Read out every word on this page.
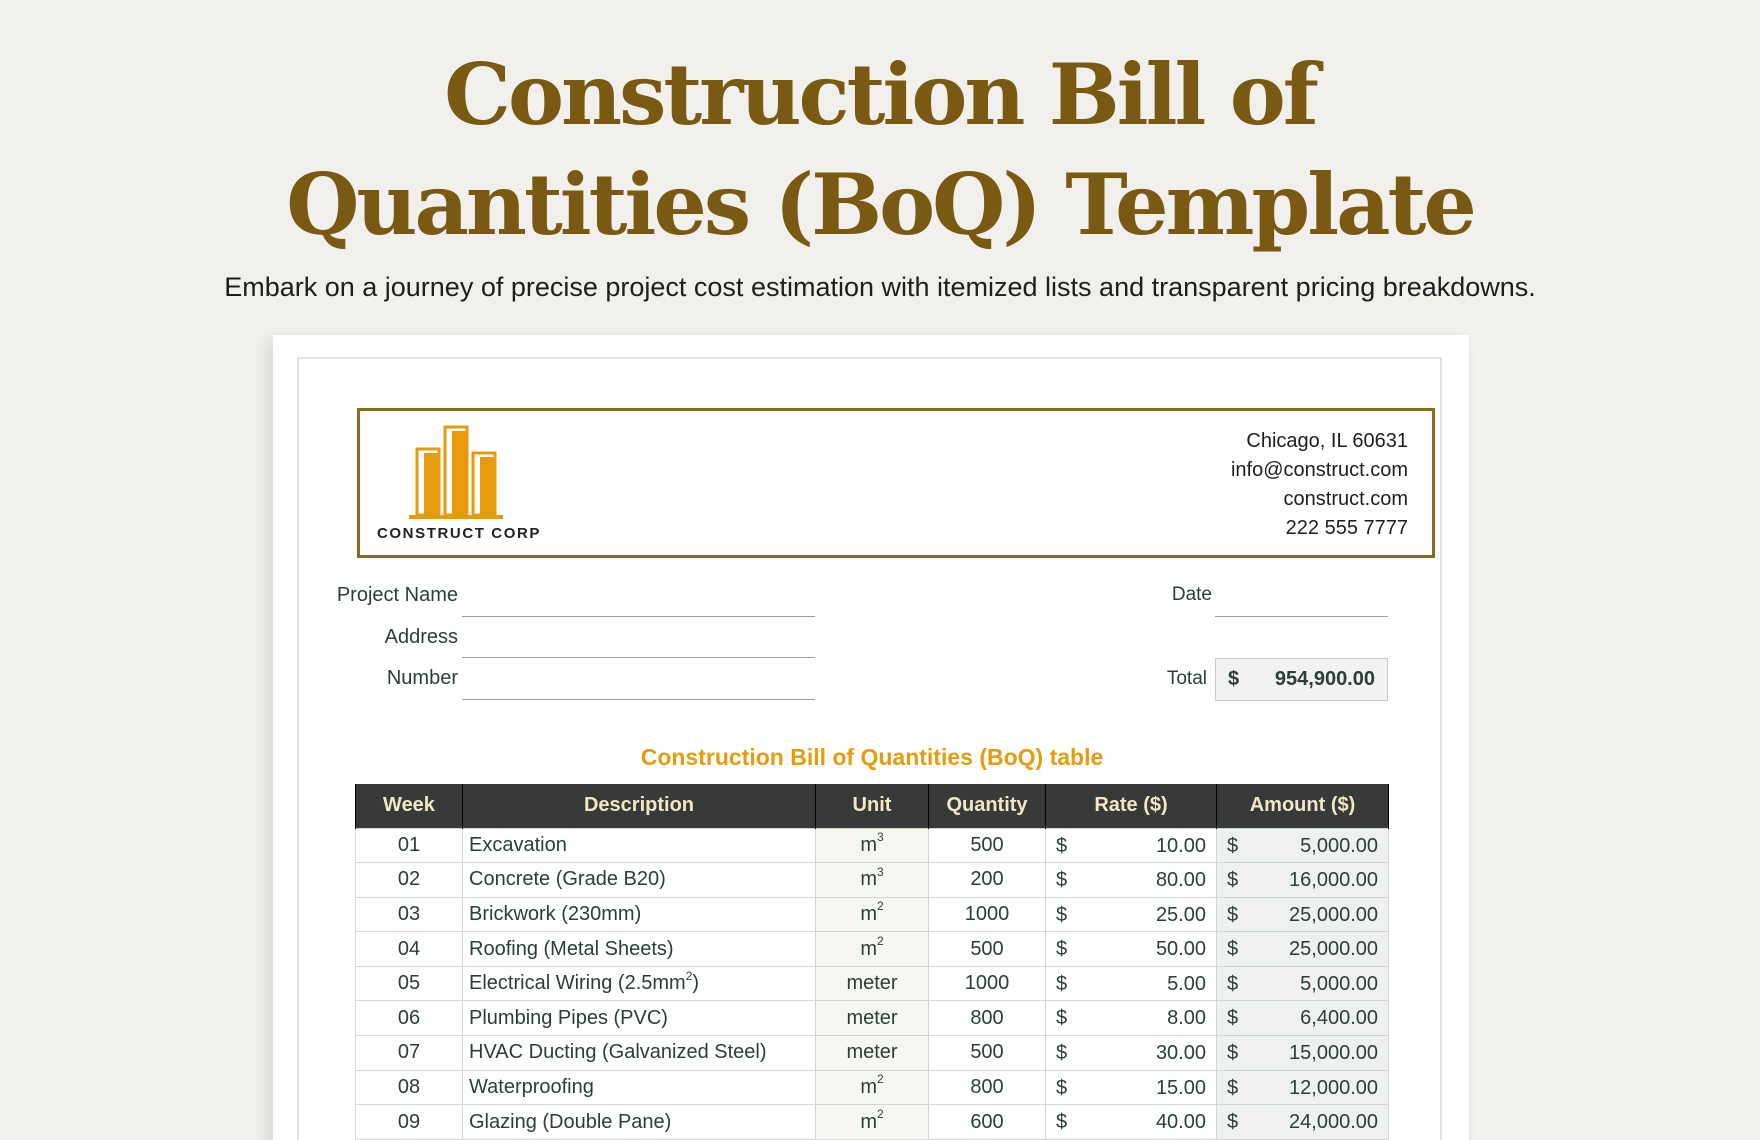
Construction Bill of
Quantities (BoQ) Template
Embark on a journey of precise project cost estimation with itemized lists and transparent pricing breakdowns.
CONSTRUCT CORP
Chicago, IL 60631
info@construct.com
construct.com
222 555 7777
Project Name
Address
Number
Date
Total $ 954,900.00
Construction Bill of Quantities (BoQ) table
Week	Description	Unit	Quantity	Rate ($)	Amount ($)
01	Excavation	$m^3$	500	$ 10.00	$ 5,000.00

02	Concrete (Grade B20)	$m^3$	200	$ 80.00	$ 16,000.00

03	Brickwork (230mm)	$m^2$	1000	$ 25.00	$ 25,000.00

04	Roofing (Metal Sheets)	$m^2$	500	$ 50.00	$ 25,000.00

05	Electrical Wiring $(2.5mm^2)$	meter	1000	$ 5.00	$ 5,000.00

06	Plumbing Pipes (PVC)	meter	800	$ 8.00	$ 6,400.00

07	HVAC Ducting (Galvanized Steel)	meter	500	$ 30.00	$ 15,000.00

08	Waterproofing	$m^2$	800	$ 15.00	$ 12,000.00

09	Glazing (Double Pane)	$m^2$	600	$ 40.00	$ 24,000.00
